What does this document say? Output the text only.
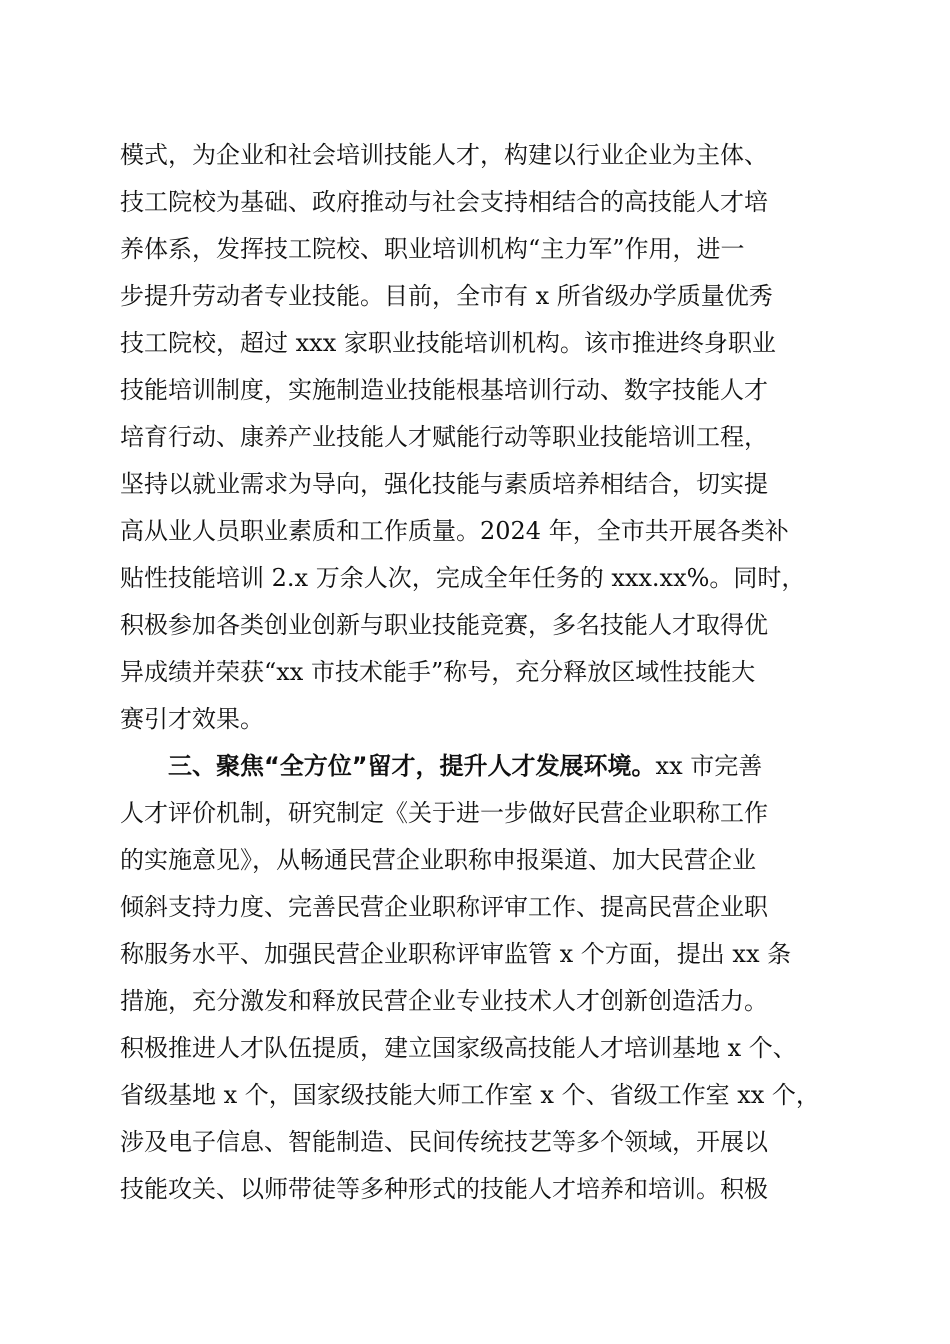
模式，为企业和社会培训技能人才，构建以行业企业为主体、
技工院校为基础、政府推动与社会支持相结合的高技能人才培
养体系，发挥技工院校、职业培训机构“主力军”作用，进一
步提升劳动者专业技能。目前，全市有 x 所省级办学质量优秀
技工院校，超过 xxx 家职业技能培训机构。该市推进终身职业
技能培训制度，实施制造业技能根基培训行动、数字技能人才
培育行动、康养产业技能人才赋能行动等职业技能培训工程，
坚持以就业需求为导向，强化技能与素质培养相结合，切实提
高从业人员职业素质和工作质量。2024 年，全市共开展各类补
贴性技能培训 2.x 万余人次，完成全年任务的 xxx.xx%。同时，
积极参加各类创业创新与职业技能竞赛，多名技能人才取得优
异成绩并荣获“xx 市技术能手”称号，充分释放区域性技能大
赛引才效果。
三、聚焦“全方位”留才，提升人才发展环境。xx 市完善
人才评价机制，研究制定《关于进一步做好民营企业职称工作
的实施意见》，从畅通民营企业职称申报渠道、加大民营企业
倾斜支持力度、完善民营企业职称评审工作、提高民营企业职
称服务水平、加强民营企业职称评审监管 x 个方面，提出 xx 条
措施，充分激发和释放民营企业专业技术人才创新创造活力。
积极推进人才队伍提质，建立国家级高技能人才培训基地 x 个、
省级基地 x 个，国家级技能大师工作室 x 个、省级工作室 xx 个，
涉及电子信息、智能制造、民间传统技艺等多个领域，开展以
技能攻关、以师带徒等多种形式的技能人才培养和培训。积极
